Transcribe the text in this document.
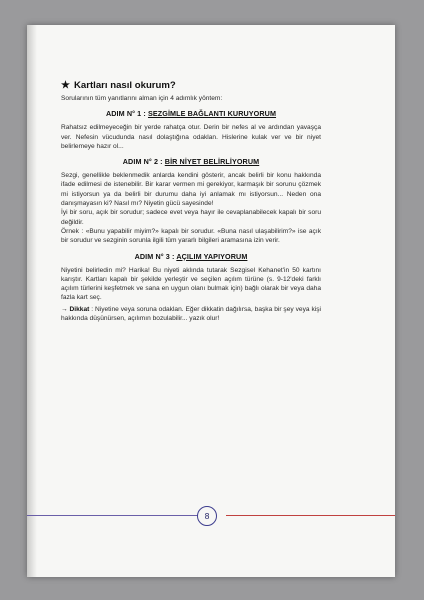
★ Kartları nasıl okurum?

Sorularının tüm yanıtlarını alman için 4 adımlık yöntem:

ADIM N° 1 : SEZGİMLE BAĞLANTI KURUYORUM

Rahatsız edilmeyeceğin bir yerde rahatça otur. Derin bir nefes al ve ardından yavaşça ver. Nefesin vücudunda nasıl dolaştığına odaklan. Hislerine kulak ver ve bir niyet belirlemeye hazır ol...

ADIM N° 2 : BİR NİYET BELİRLİYORUM

Sezgi, genellikle beklenmedik anlarda kendini gösterir, ancak belirli bir konu hakkında ifade edilmesi de istenebilir. Bir karar vermen mi gerekiyor, karmaşık bir sorunu çözmek mi istiyorsun ya da belirli bir durumu daha iyi anlamak mı istiyorsun... Neden ona danışmayasın ki? Nasıl mı? Niyetin gücü sayesinde!

İyi bir soru, açık bir sorudur; sadece evet veya hayır ile cevaplanabilecek kapalı bir soru değildir.

Örnek : «Bunu yapabilir miyim?» kapalı bir sorudur. «Buna nasıl ulaşabilirim?» ise açık bir sorudur ve sezginin sorunla ilgili tüm yararlı bilgileri aramasına izin verir.

ADIM N° 3 : AÇILIM YAPIYORUM

Niyetini belirledin mi? Harika! Bu niyeti aklında tutarak Sezgisel Kehanet'in 50 kartını karıştır. Kartları kapalı bir şekilde yerleştir ve seçilen açılım türüne (s. 9-12'deki farklı açılım türlerini keşfetmek ve sana en uygun olanı bulmak için) bağlı olarak bir veya daha fazla kart seç.

→ Dikkat : Niyetine veya soruna odaklan. Eğer dikkatin dağılırsa, başka bir şey veya kişi hakkında düşünürsen, açılımın bozulabilir... yazık olur!

8
